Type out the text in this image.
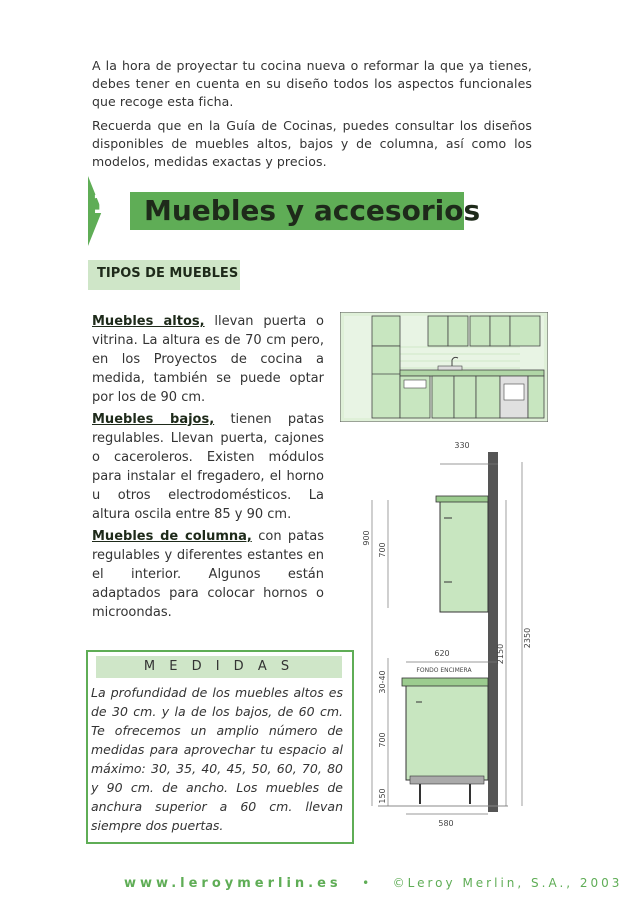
A la hora de proyectar tu cocina nueva o reformar la que ya tienes, debes tener en cuenta en su diseño todos los aspectos funcionales que recoge esta ficha.

Recuerda que en la Guía de Cocinas, puedes consultar los diseños disponibles de muebles altos, bajos y de columna, así como los modelos, medidas exactas y precios.

1 Muebles y accesorios
TIPOS DE MUEBLES
Muebles altos, llevan puerta o vitrina. La altura es de 70 cm pero, en los Proyectos de cocina a medida, también se puede optar por los de 90 cm.
Muebles bajos, tienen patas regulables. Llevan puerta, cajones o caceroleros. Existen módulos para instalar el fregadero, el horno u otros electrodomésticos. La altura oscila entre 85 y 90 cm.
Muebles de columna, con patas regulables y diferentes estantes en el interior. Algunos están adaptados para colocar hornos o microondas.
M E D I D A S
La profundidad de los muebles altos es de 30 cm. y la de los bajos, de 60 cm. Te ofrecemos un amplio número de medidas para aprovechar tu espacio al máximo: 30, 35, 40, 45, 50, 60, 70, 80 y 90 cm. de ancho. Los muebles de anchura superior a 60 cm. llevan siempre dos puertas.
330
900
700
620
FONDO ENCIMERA
30-40
700
150
2150
2350
580
www.leroymerlin.es • ©Leroy Merlin, S.A., 2003
